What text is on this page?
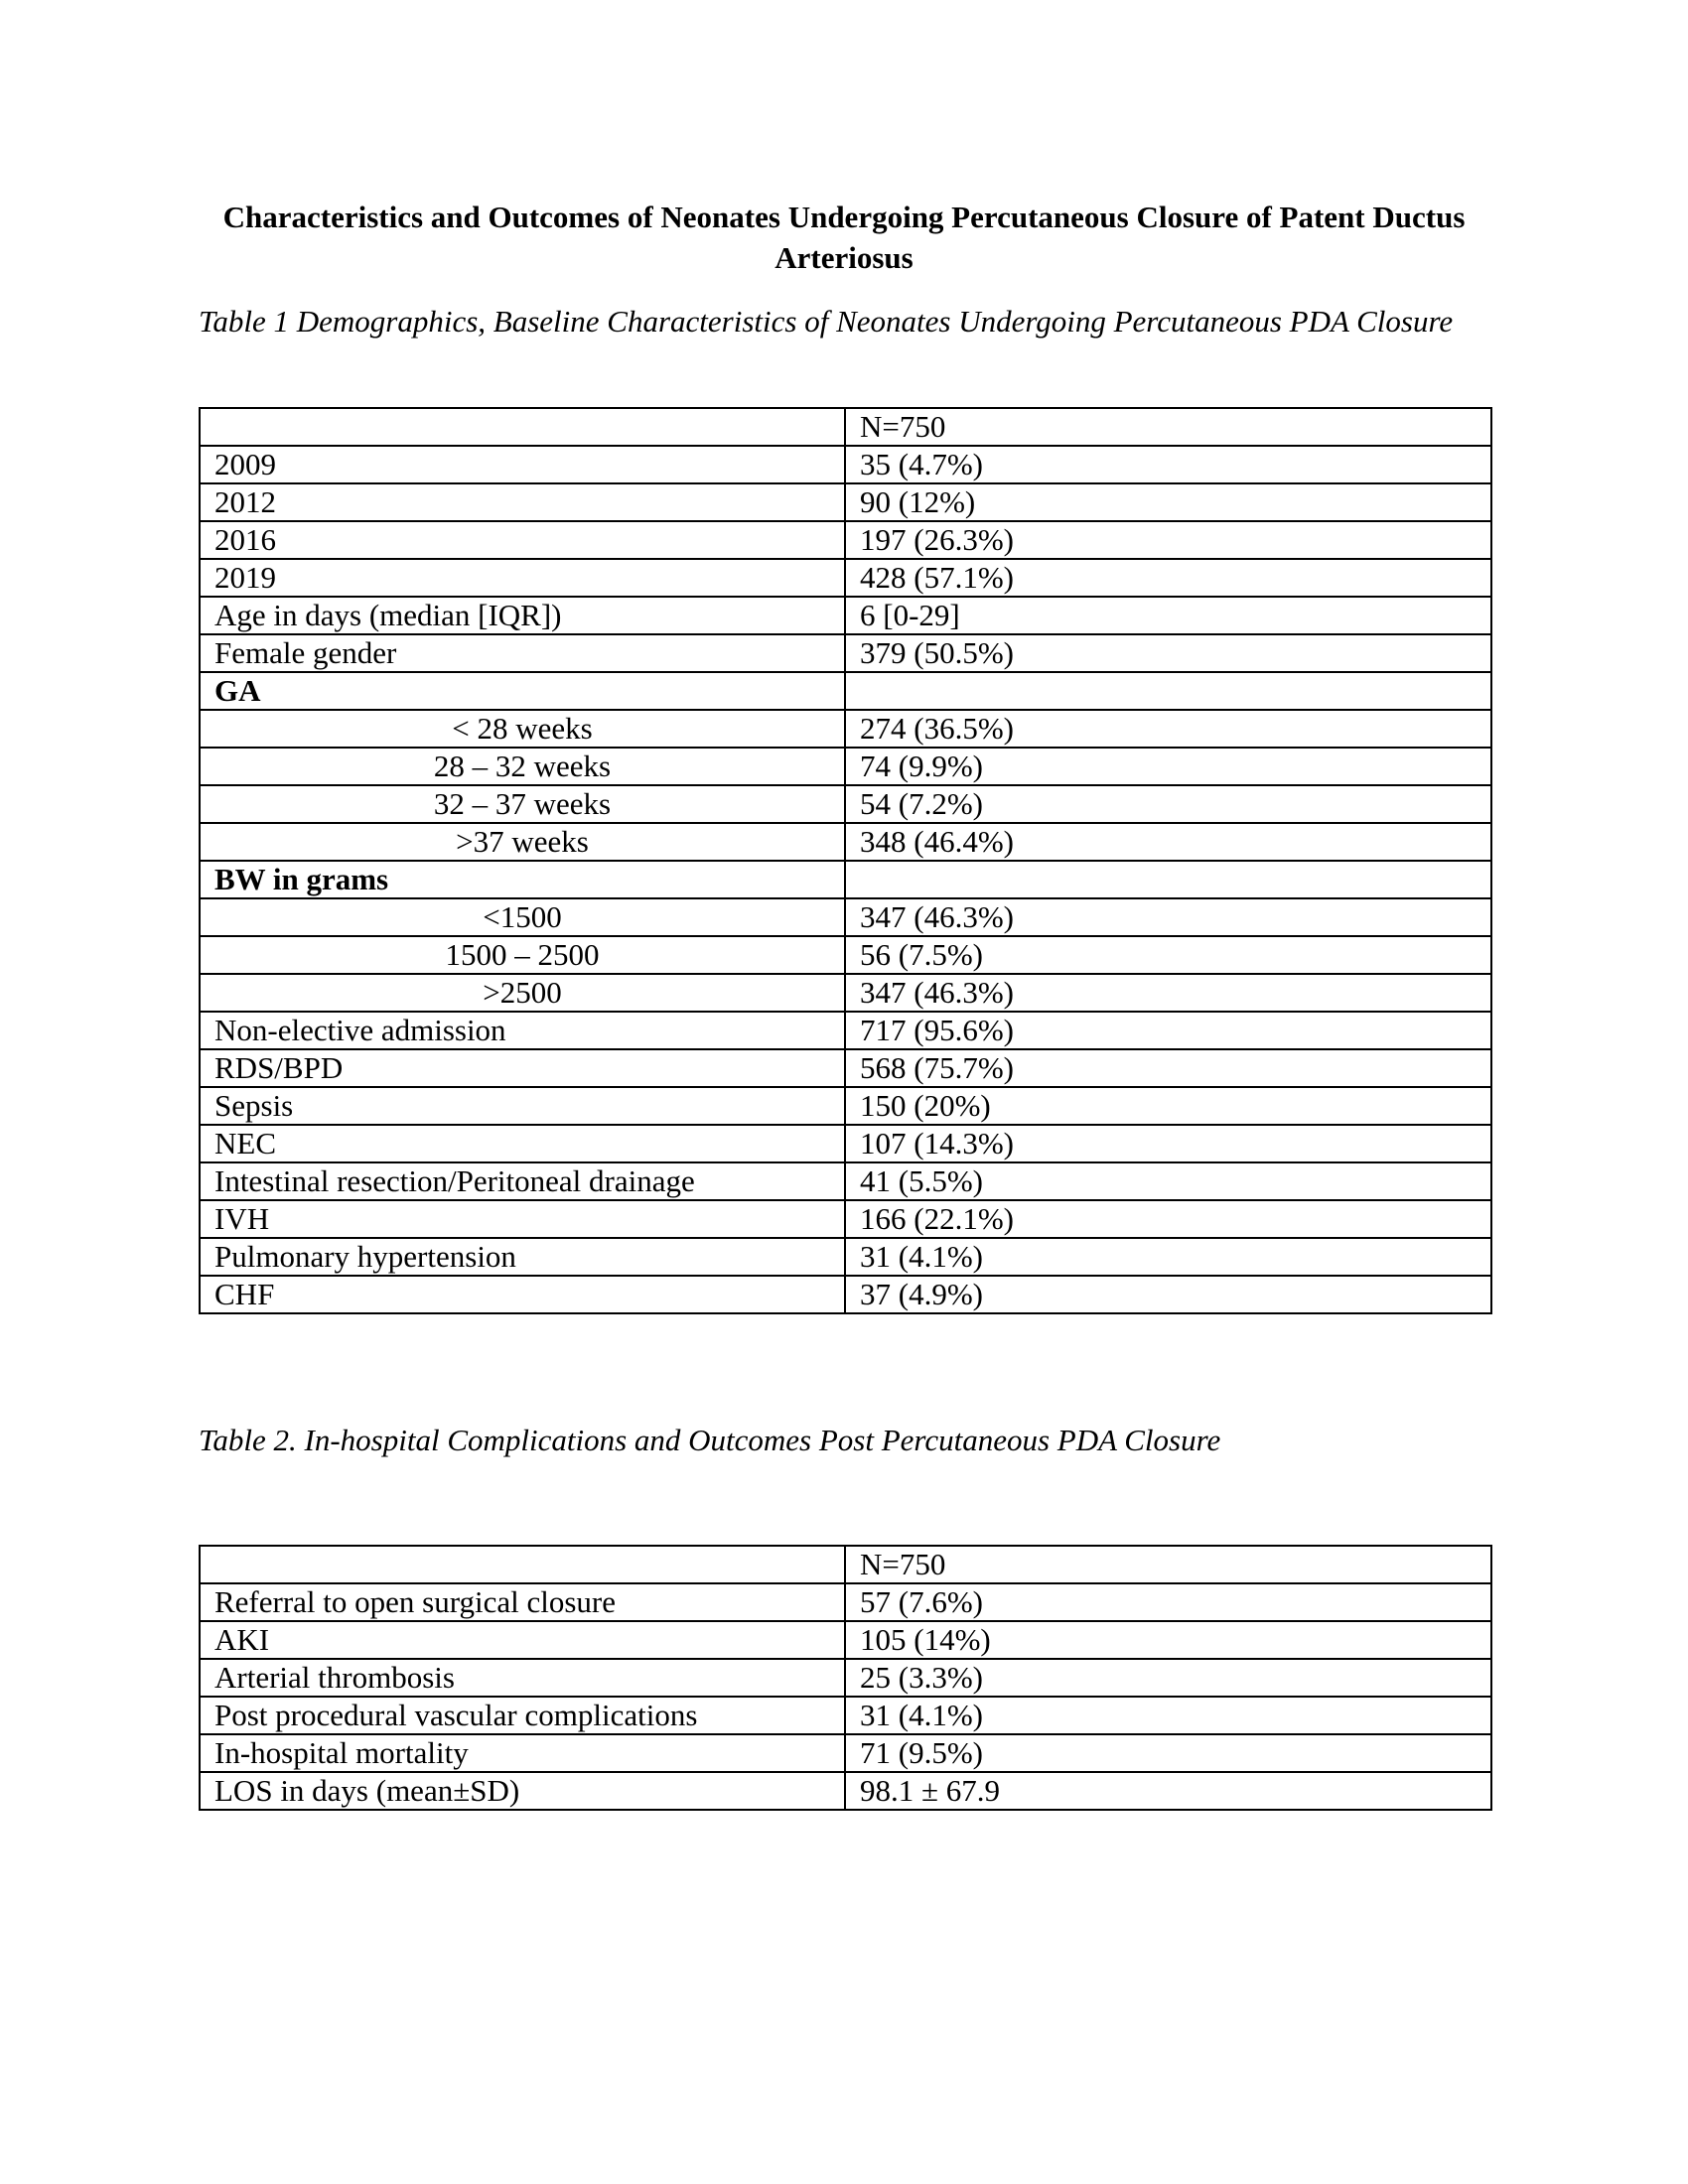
Characteristics and Outcomes of Neonates Undergoing Percutaneous Closure of Patent Ductus Arteriosus
Table 1 Demographics, Baseline Characteristics of Neonates Undergoing Percutaneous PDA Closure
	N=750
2009	35 (4.7%)
2012	90 (12%)
2016	197 (26.3%)
2019	428 (57.1%)
Age in days (median [IQR])	6 [0-29]
Female gender	379 (50.5%)
GA	
< 28 weeks	274 (36.5%)
28 – 32 weeks	74 (9.9%)
32 – 37 weeks	54 (7.2%)
>37 weeks	348 (46.4%)
BW in grams	
<1500	347 (46.3%)
1500 – 2500	56 (7.5%)
>2500	347 (46.3%)
Non-elective admission	717 (95.6%)
RDS/BPD	568 (75.7%)
Sepsis	150 (20%)
NEC	107 (14.3%)
Intestinal resection/Peritoneal drainage	41 (5.5%)
IVH	166 (22.1%)
Pulmonary hypertension	31 (4.1%)
CHF	37 (4.9%)
Table 2. In-hospital Complications and Outcomes Post Percutaneous PDA Closure
	N=750
Referral to open surgical closure	57 (7.6%)
AKI	105 (14%)
Arterial thrombosis	25 (3.3%)
Post procedural vascular complications	31 (4.1%)
In-hospital mortality	71 (9.5%)
LOS in days (mean±SD)	98.1 ± 67.9
